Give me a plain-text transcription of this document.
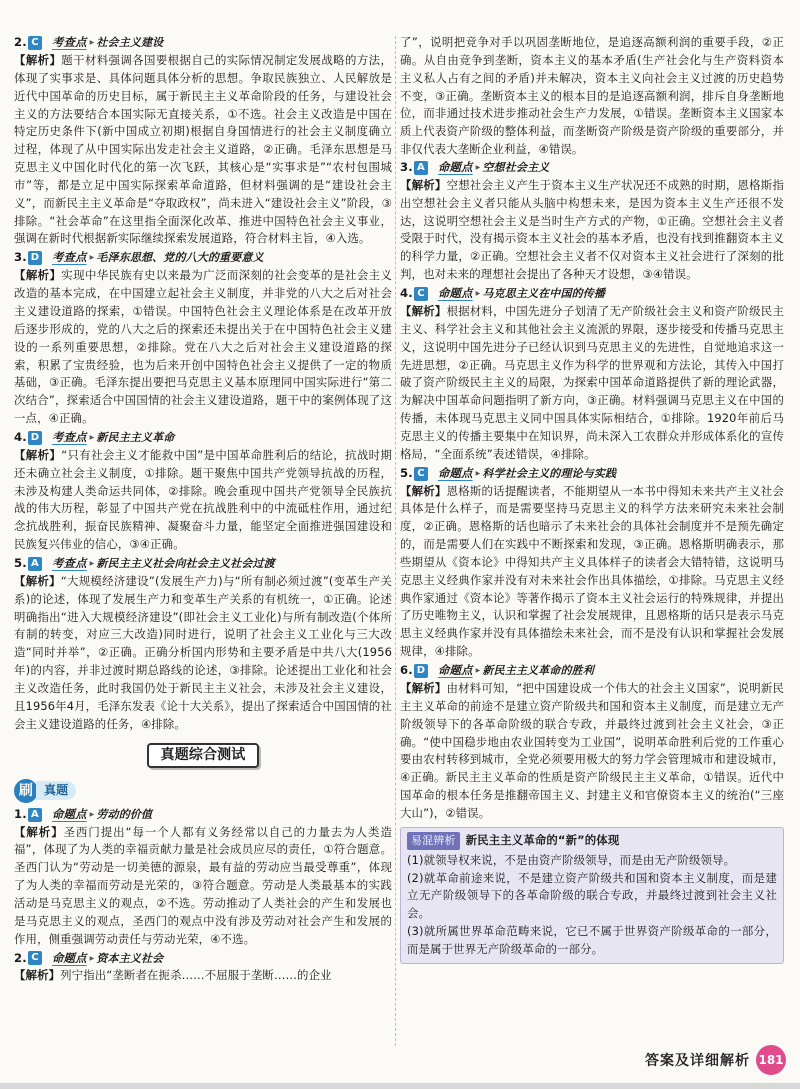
2. C 考查点 ▶ 社会主义建设
【解析】题干材料强调各国要根据自己的实际情况制定发展战略的方法，体现了实事求是、具体问题具体分析的思想。争取民族独立、人民解放是近代中国革命的历史目标，属于新民主主义革命阶段的任务，与建设社会主义的方法要结合本国实际无直接关系，①不选。社会主义改造是中国在特定历史条件下(新中国成立初期)根据自身国情进行的社会主义制度确立过程，体现了从中国实际出发走社会主义道路，②正确。毛泽东思想是马克思主义中国化时代化的第一次飞跃，其核心是“实事求是”“农村包围城市”等，都是立足中国实际探索革命道路，但材料强调的是“建设社会主义”，而新民主主义革命是“夺取政权”，尚未进入“建设社会主义”阶段，③排除。“社会革命”在这里指全面深化改革、推进中国特色社会主义事业，强调在新时代根据新实际继续探索发展道路，符合材料主旨，④入选。
3. D 考查点 ▶ 毛泽东思想、党的八大的重要意义
【解析】实现中华民族有史以来最为广泛而深刻的社会变革的是社会主义改造的基本完成，在中国建立起社会主义制度，并非党的八大之后对社会主义建设道路的探索，①错误。中国特色社会主义理论体系是在改革开放后逐步形成的，党的八大之后的探索还未提出关于在中国特色社会主义建设的一系列重要思想，②排除。党在八大之后对社会主义建设道路的探索，积累了宝贵经验，也为后来开创中国特色社会主义提供了一定的物质基础，③正确。毛泽东提出要把马克思主义基本原理同中国实际进行“第二次结合”，探索适合中国国情的社会主义建设道路，题干中的案例体现了这一点，④正确。
4. D 考查点 ▶ 新民主主义革命
【解析】“只有社会主义才能救中国”是中国革命胜利后的结论，抗战时期还未确立社会主义制度，①排除。题干聚焦中国共产党领导抗战的历程，未涉及构建人类命运共同体，②排除。晚会重现中国共产党领导全民族抗战的伟大历程，彰显了中国共产党在抗战胜利中的中流砥柱作用，通过纪念抗战胜利，振奋民族精神、凝聚奋斗力量，能坚定全面推进强国建设和民族复兴伟业的信心，③④正确。
5. A 考查点 ▶ 新民主主义社会向社会主义社会过渡
【解析】“大规模经济建设”(发展生产力)与“所有制必须过渡”(变革生产关系)的论述，体现了发展生产力和变革生产关系的有机统一，①正确。论述明确指出“进入大规模经济建设”(即社会主义工业化)与所有制改造(个体所有制的转变，对应三大改造)同时进行，说明了社会主义工业化与三大改造“同时并举”，②正确。正确分析国内形势和主要矛盾是中共八大(1956年)的内容，并非过渡时期总路线的论述，③排除。论述提出工业化和社会主义改造任务，此时我国仍处于新民主主义社会，未涉及社会主义建设，且1956年4月，毛泽东发表《论十大关系》，提出了探索适合中国国情的社会主义建设道路的任务，④排除。
真题综合测试
刷 真题
1. A 命题点 ▶ 劳动的价值
【解析】圣西门提出“每一个人都有义务经常以自己的力量去为人类造福”，体现了为人类的幸福贡献力量是社会成员应尽的责任，①符合题意。圣西门认为“劳动是一切美德的源泉，最有益的劳动应当最受尊重”，体现了为人类的幸福而劳动是光荣的，③符合题意。劳动是人类最基本的实践活动是马克思主义的观点，②不选。劳动推动了人类社会的产生和发展也是马克思主义的观点，圣西门的观点中没有涉及劳动对社会产生和发展的作用，侧重强调劳动责任与劳动光荣，④不选。
2. C 命题点 ▶ 资本主义社会
【解析】列宁指出“垄断者在扼杀……不屈服于垄断……的企业
了”，说明把竞争对手以巩固垄断地位，是追逐高额利润的重要手段，②正确。从自由竞争到垄断，资本主义的基本矛盾(生产社会化与生产资料资本主义私人占有之间的矛盾)并未解决，资本主义向社会主义过渡的历史趋势不变，③正确。垄断资本主义的根本目的是追逐高额利润，排斥自身垄断地位，而非通过技术进步推动社会生产力发展，①错误。垄断资本主义国家本质上代表资产阶级的整体利益，而垄断资产阶级是资产阶级的重要部分，并非仅代表大垄断企业利益，④错误。
3. A 命题点 ▶ 空想社会主义
【解析】空想社会主义产生于资本主义生产状况还不成熟的时期，恩格斯指出空想社会主义者只能从头脑中构想未来，是因为资本主义生产还很不发达，这说明空想社会主义是当时生产方式的产物，①正确。空想社会主义者受限于时代，没有揭示资本主义社会的基本矛盾，也没有找到推翻资本主义的科学力量，②正确。空想社会主义者不仅对资本主义社会进行了深刻的批判，也对未来的理想社会提出了各种天才设想，③④错误。
4. C 命题点 ▶ 马克思主义在中国的传播
【解析】根据材料，中国先进分子划清了无产阶级社会主义和资产阶级民主主义、科学社会主义和其他社会主义流派的界限，逐步接受和传播马克思主义，这说明中国先进分子已经认识到马克思主义的先进性，自觉地追求这一先进思想，②正确。马克思主义作为科学的世界观和方法论，其传入中国打破了资产阶级民主主义的局限，为探索中国革命道路提供了新的理论武器，为解决中国革命问题指明了新方向，③正确。材料强调马克思主义在中国的传播，未体现马克思主义同中国具体实际相结合，①排除。1920年前后马克思主义的传播主要集中在知识界，尚未深入工农群众并形成体系化的宣传格局，“全面系统”表述错误，④排除。
5. C 命题点 ▶ 科学社会主义的理论与实践
【解析】恩格斯的话提醒读者，不能期望从一本书中得知未来共产主义社会具体是什么样子，而是需要坚持马克思主义的科学方法来研究未来社会制度，②正确。恩格斯的话也暗示了未来社会的具体社会制度并不是预先确定的，而是需要人们在实践中不断探索和发现，③正确。恩格斯明确表示，那些期望从《资本论》中得知共产主义具体样子的读者会大错特错，这说明马克思主义经典作家并没有对未来社会作出具体描绘，①排除。马克思主义经典作家通过《资本论》等著作揭示了资本主义社会运行的特殊规律，并提出了历史唯物主义，认识和掌握了社会发展规律，且恩格斯的话只是表示马克思主义经典作家并没有具体描绘未来社会，而不是没有认识和掌握社会发展规律，④排除。
6. D 命题点 ▶ 新民主主义革命的胜利
【解析】由材料可知，“把中国建设成一个伟大的社会主义国家”，说明新民主主义革命的前途不是建立资产阶级共和国和资本主义制度，而是建立无产阶级领导下的各革命阶级的联合专政，并最终过渡到社会主义社会，③正确。“使中国稳步地由农业国转变为工业国”，说明革命胜利后党的工作重心要由农村转移到城市，全党必须要用极大的努力学会管理城市和建设城市，④正确。新民主主义革命的性质是资产阶级民主主义革命，①错误。近代中国革命的根本任务是推翻帝国主义、封建主义和官僚资本主义的统治(“三座大山”)，②错误。
易混辨析 新民主主义革命的“新”的体现
(1)就领导权来说，不是由资产阶级领导，而是由无产阶级领导。
(2)就革命前途来说，不是建立资产阶级共和国和资本主义制度，而是建立无产阶级领导下的各革命阶级的联合专政，并最终过渡到社会主义社会。
(3)就所属世界革命范畴来说，它已不属于世界资产阶级革命的一部分，而是属于世界无产阶级革命的一部分。
答案及详细解析 181
